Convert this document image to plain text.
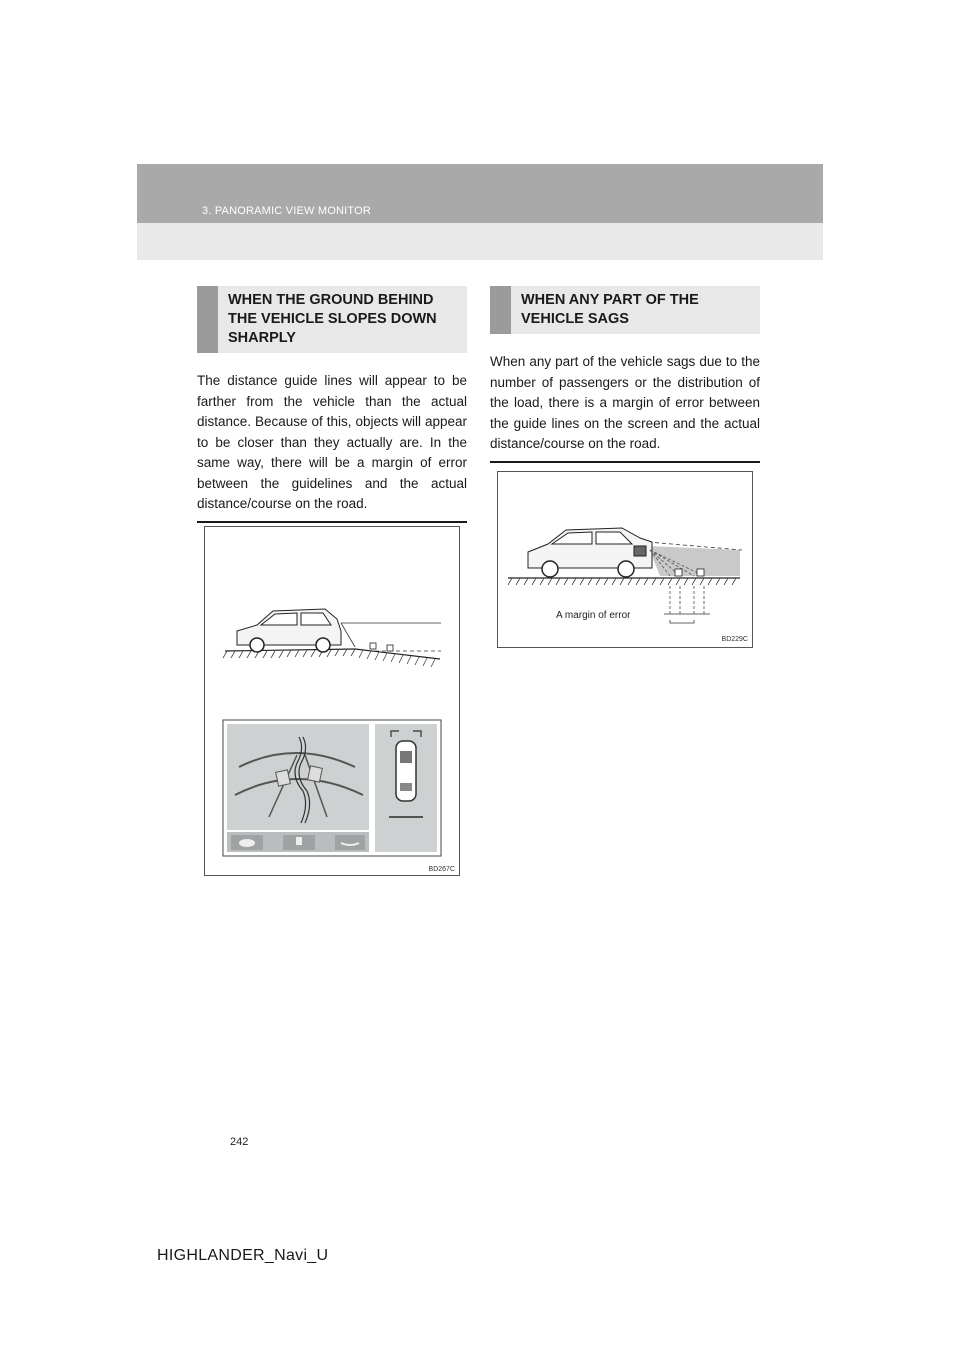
3. PANORAMIC VIEW MONITOR
WHEN THE GROUND BEHIND THE VEHICLE SLOPES DOWN SHARPLY
The distance guide lines will appear to be farther from the vehicle than the actual distance. Because of this, objects will appear to be closer than they actually are. In the same way, there will be a margin of error between the guidelines and the actual distance/course on the road.
BD267C
WHEN ANY PART OF THE VEHICLE SAGS
When any part of the vehicle sags due to the number of passengers or the distribution of the load, there is a margin of error between the guide lines on the screen and the actual distance/course on the road.
A margin of error
BD229C
242
HIGHLANDER_Navi_U
